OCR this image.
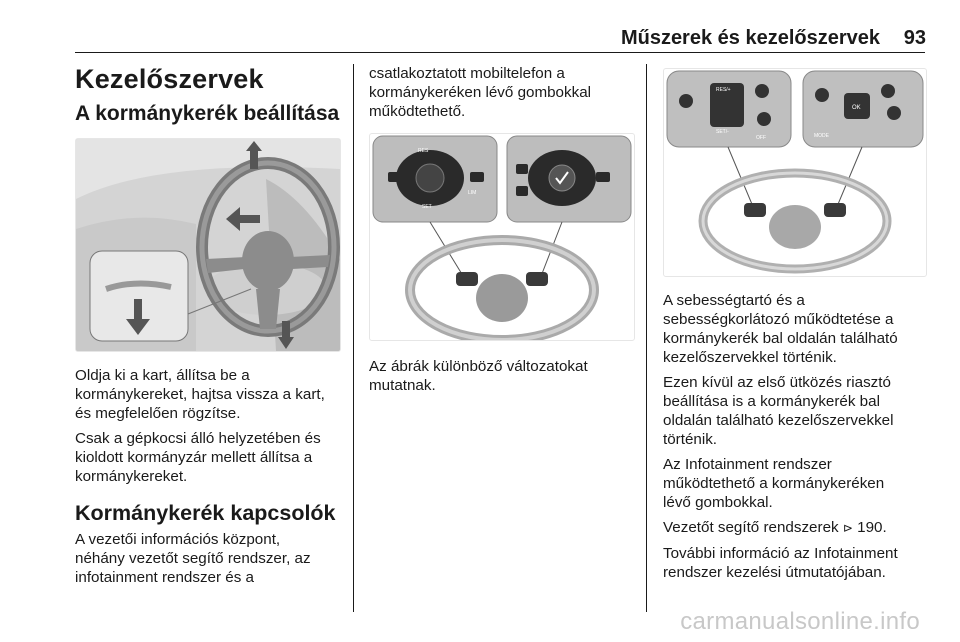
Műszerek és kezelőszervek	93
Kezelőszervek
A kormánykerék beállítása

Oldja ki a kart, állítsa be a
kormánykereket, hajtsa vissza a kart,
és megfelelően rögzítse.

Csak a gépkocsi álló helyzetében és
kioldott kormányzár mellett állítsa a
kormánykereket.

Kormánykerék kapcsolók

A vezetői információs központ,
néhány vezetőt segítő rendszer, az
infotainment rendszer és a

csatlakoztatott mobiltelefon a
kormánykeréken lévő gombokkal
működtethető.

RES
SET
LIM

Az ábrák különböző változatokat
mutatnak.

RES/+
SET/-
OFF
OK
MODE

A sebességtartó és a
sebességkorlátozó működtetése a
kormánykerék bal oldalán található
kezelőszervekkel történik.

Ezen kívül az első ütközés riasztó
beállítása is a kormánykerék bal
oldalán található kezelőszervekkel
történik.

Az Infotainment rendszer
működtethető a kormánykeréken
lévő gombokkal.

Vezetőt segítő rendszerek ⊳ 190.

További információ az Infotainment
rendszer kezelési útmutatójában.

carmanualsonline.info
